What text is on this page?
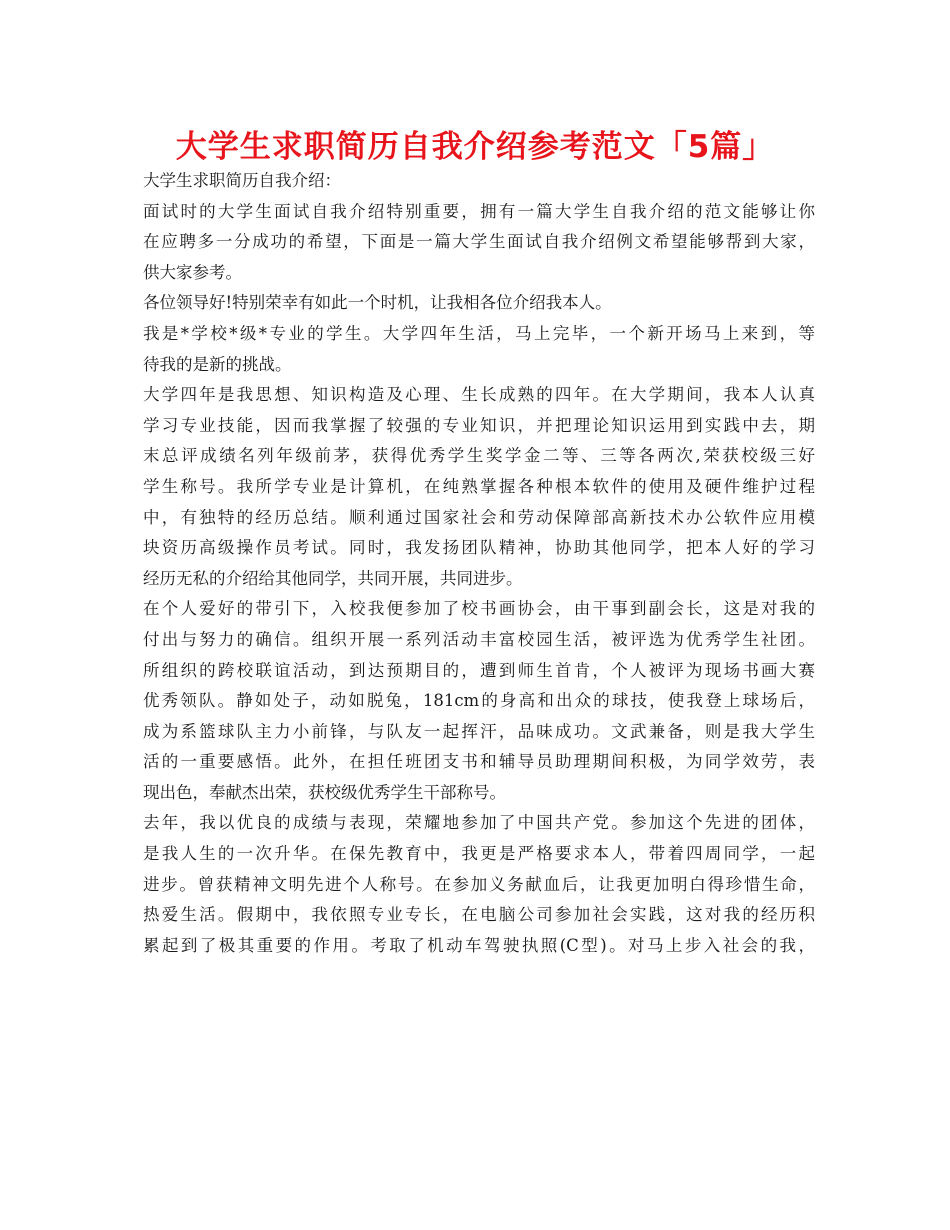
大学生求职简历自我介绍参考范文「5篇」
大学生求职简历自我介绍：
面试时的大学生面试自我介绍特别重要，拥有一篇大学生自我介绍的范文能够让你
在应聘多一分成功的希望，下面是一篇大学生面试自我介绍例文希望能够帮到大家，
供大家参考。
各位领导好!特别荣幸有如此一个时机，让我相各位介绍我本人。
我是*学校*级*专业的学生。大学四年生活，马上完毕，一个新开场马上来到，等
待我的是新的挑战。
大学四年是我思想、知识构造及心理、生长成熟的四年。在大学期间，我本人认真
学习专业技能，因而我掌握了较强的专业知识，并把理论知识运用到实践中去，期
末总评成绩名列年级前茅，获得优秀学生奖学金二等、三等各两次,荣获校级三好
学生称号。我所学专业是计算机，在纯熟掌握各种根本软件的使用及硬件维护过程
中，有独特的经历总结。顺利通过国家社会和劳动保障部高新技术办公软件应用模
块资历高级操作员考试。同时，我发扬团队精神，协助其他同学，把本人好的学习
经历无私的介绍给其他同学，共同开展，共同进步。
在个人爱好的带引下，入校我便参加了校书画协会，由干事到副会长，这是对我的
付出与努力的确信。组织开展一系列活动丰富校园生活，被评选为优秀学生社团。
所组织的跨校联谊活动，到达预期目的，遭到师生首肯，个人被评为现场书画大赛
优秀领队。静如处子，动如脱兔，181cm的身高和出众的球技，使我登上球场后，
成为系篮球队主力小前锋，与队友一起挥汗，品味成功。文武兼备，则是我大学生
活的一重要感悟。此外，在担任班团支书和辅导员助理期间积极，为同学效劳，表
现出色，奉献杰出荣，获校级优秀学生干部称号。
去年，我以优良的成绩与表现，荣耀地参加了中国共产党。参加这个先进的团体，
是我人生的一次升华。在保先教育中，我更是严格要求本人，带着四周同学，一起
进步。曾获精神文明先进个人称号。在参加义务献血后，让我更加明白得珍惜生命，
热爱生活。假期中，我依照专业专长，在电脑公司参加社会实践，这对我的经历积
累起到了极其重要的作用。考取了机动车驾驶执照(C型)。对马上步入社会的我，
